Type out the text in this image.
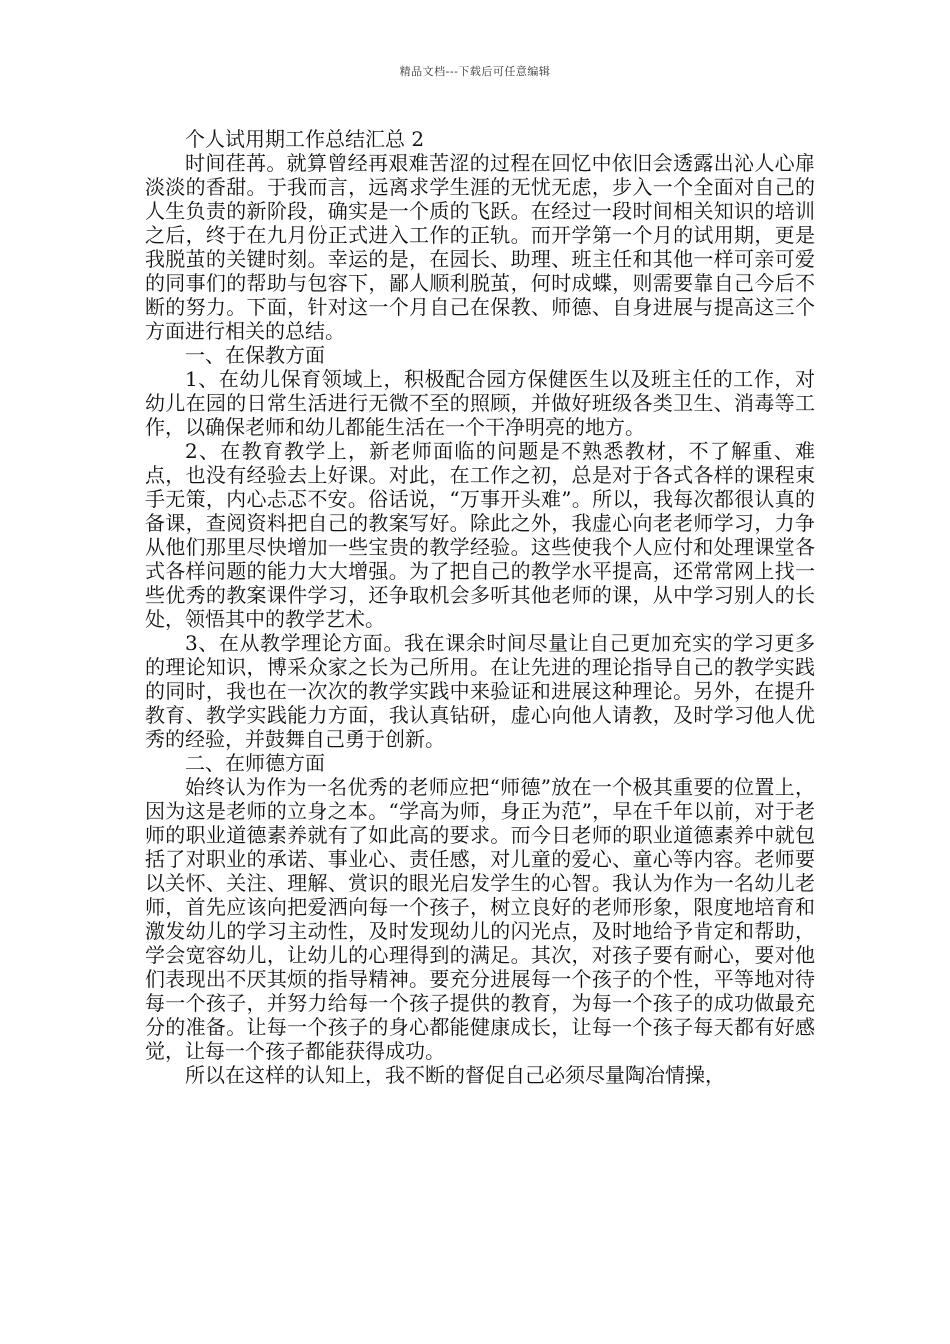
精品文档---下载后可任意编辑

个人试用期工作总结汇总 2

时间荏苒。就算曾经再艰难苦涩的过程在回忆中依旧会透露出沁人心扉淡淡的香甜。于我而言，远离求学生涯的无忧无虑，步入一个全面对自己的人生负责的新阶段，确实是一个质的飞跃。在经过一段时间相关知识的培训之后，终于在九月份正式进入工作的正轨。而开学第一个月的试用期，更是我脱茧的关键时刻。幸运的是，在园长、助理、班主任和其他一样可亲可爱的同事们的帮助与包容下，鄙人顺利脱茧，何时成蝶，则需要靠自己今后不断的努力。下面，针对这一个月自己在保教、师德、自身进展与提高这三个方面进行相关的总结。

一、在保教方面

1、在幼儿保育领域上，积极配合园方保健医生以及班主任的工作，对幼儿在园的日常生活进行无微不至的照顾，并做好班级各类卫生、消毒等工作，以确保老师和幼儿都能生活在一个干净明亮的地方。

2、在教育教学上，新老师面临的问题是不熟悉教材，不了解重、难点，也没有经验去上好课。对此，在工作之初，总是对于各式各样的课程束手无策，内心忐忑不安。俗话说，“万事开头难”。所以，我每次都很认真的备课，查阅资料把自己的教案写好。除此之外，我虚心向老老师学习，力争从他们那里尽快增加一些宝贵的教学经验。这些使我个人应付和处理课堂各式各样问题的能力大大增强。为了把自己的教学水平提高，还常常网上找一些优秀的教案课件学习，还争取机会多听其他老师的课，从中学习别人的长处，领悟其中的教学艺术。

3、在从教学理论方面。我在课余时间尽量让自己更加充实的学习更多的理论知识，博采众家之长为己所用。在让先进的理论指导自己的教学实践的同时，我也在一次次的教学实践中来验证和进展这种理论。另外，在提升教育、教学实践能力方面，我认真钻研，虚心向他人请教，及时学习他人优秀的经验，并鼓舞自己勇于创新。

二、在师德方面

始终认为作为一名优秀的老师应把“师德”放在一个极其重要的位置上，因为这是老师的立身之本。“学高为师，身正为范”，早在千年以前，对于老师的职业道德素养就有了如此高的要求。而今日老师的职业道德素养中就包括了对职业的承诺、事业心、责任感，对儿童的爱心、童心等内容。老师要以关怀、关注、理解、赏识的眼光启发学生的心智。我认为作为一名幼儿老师，首先应该向把爱洒向每一个孩子，树立良好的老师形象，限度地培育和激发幼儿的学习主动性，及时发现幼儿的闪光点，及时地给予肯定和帮助，学会宽容幼儿，让幼儿的心理得到的满足。其次，对孩子要有耐心，要对他们表现出不厌其烦的指导精神。要充分进展每一个孩子的个性，平等地对待每一个孩子，并努力给每一个孩子提供的教育，为每一个孩子的成功做最充分的准备。让每一个孩子的身心都能健康成长，让每一个孩子每天都有好感觉，让每一个孩子都能获得成功。

所以在这样的认知上，我不断的督促自己必须尽量陶冶情操，
